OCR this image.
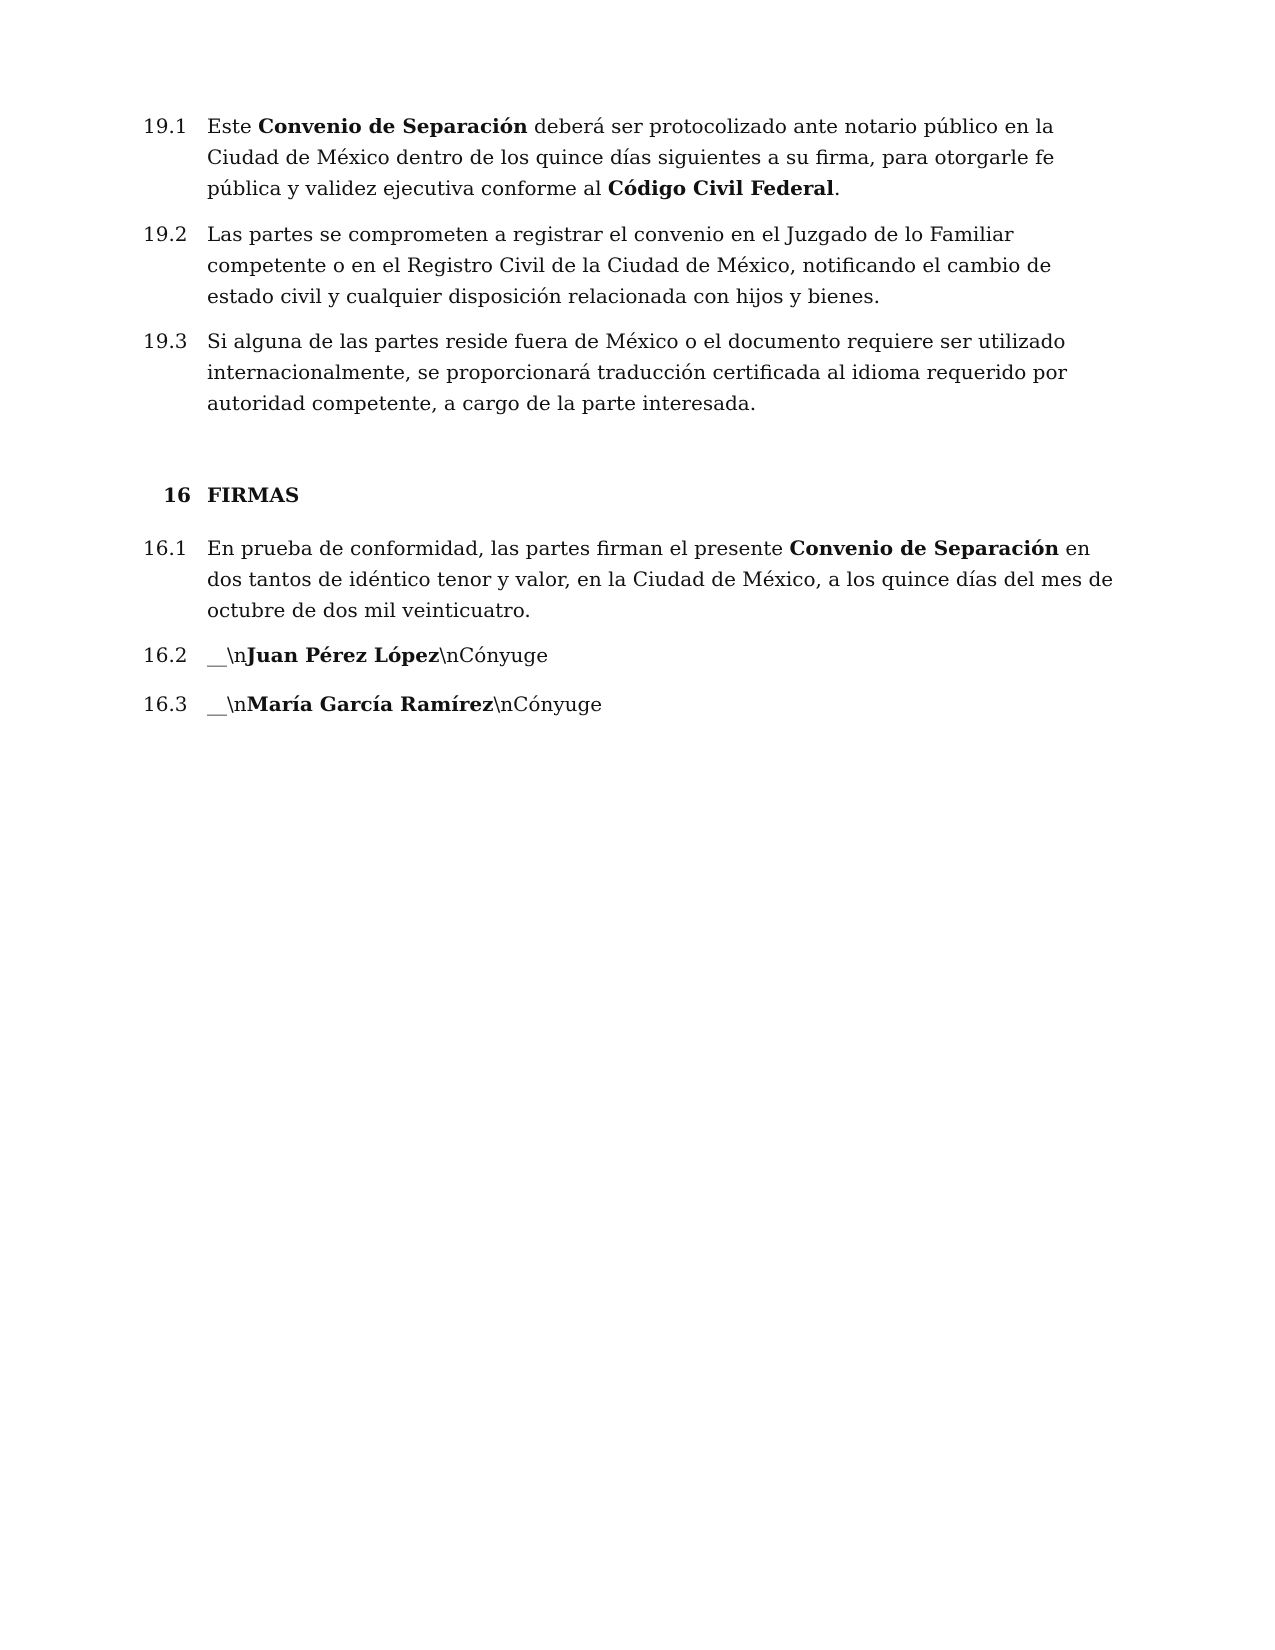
19.1 Este Convenio de Separación deberá ser protocolizado ante notario público en la Ciudad de México dentro de los quince días siguientes a su firma, para otorgarle fe pública y validez ejecutiva conforme al Código Civil Federal.
19.2 Las partes se comprometen a registrar el convenio en el Juzgado de lo Familiar competente o en el Registro Civil de la Ciudad de México, notificando el cambio de estado civil y cualquier disposición relacionada con hijos y bienes.
19.3 Si alguna de las partes reside fuera de México o el documento requiere ser utilizado internacionalmente, se proporcionará traducción certificada al idioma requerido por autoridad competente, a cargo de la parte interesada.
16 FIRMAS
16.1 En prueba de conformidad, las partes firman el presente Convenio de Separación en dos tantos de idéntico tenor y valor, en la Ciudad de México, a los quince días del mes de octubre de dos mil veinticuatro.
16.2 __\nJuan Pérez López\nCónyuge
16.3 __\nMaría García Ramírez\nCónyuge
